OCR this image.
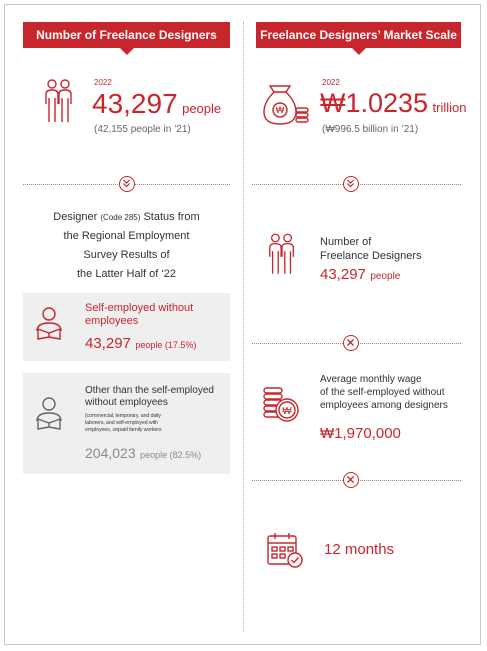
Number of Freelance Designers
2022
43,297 people
(42,155 people in ’21)
Designer (Code 285) Status from
the Regional Employment
Survey Results of
the Latter Half of ‘22
Self-employed without
employees
43,297 people (17.5%)
Other than the self-employed
without employees
(commercial, temporary, and daily
laborers, and self-employed with
employees, unpaid family workers
204,023 people (82.5%)
Freelance Designers’ Market Scale
₩
2022
₩1.0235 trillion
(₩996.5 billion in ’21)
Number of
Freelance Designers
43,297 people
₩
Average monthly wage
of the self-employed without
employees among designers
₩1,970,000
12 months
